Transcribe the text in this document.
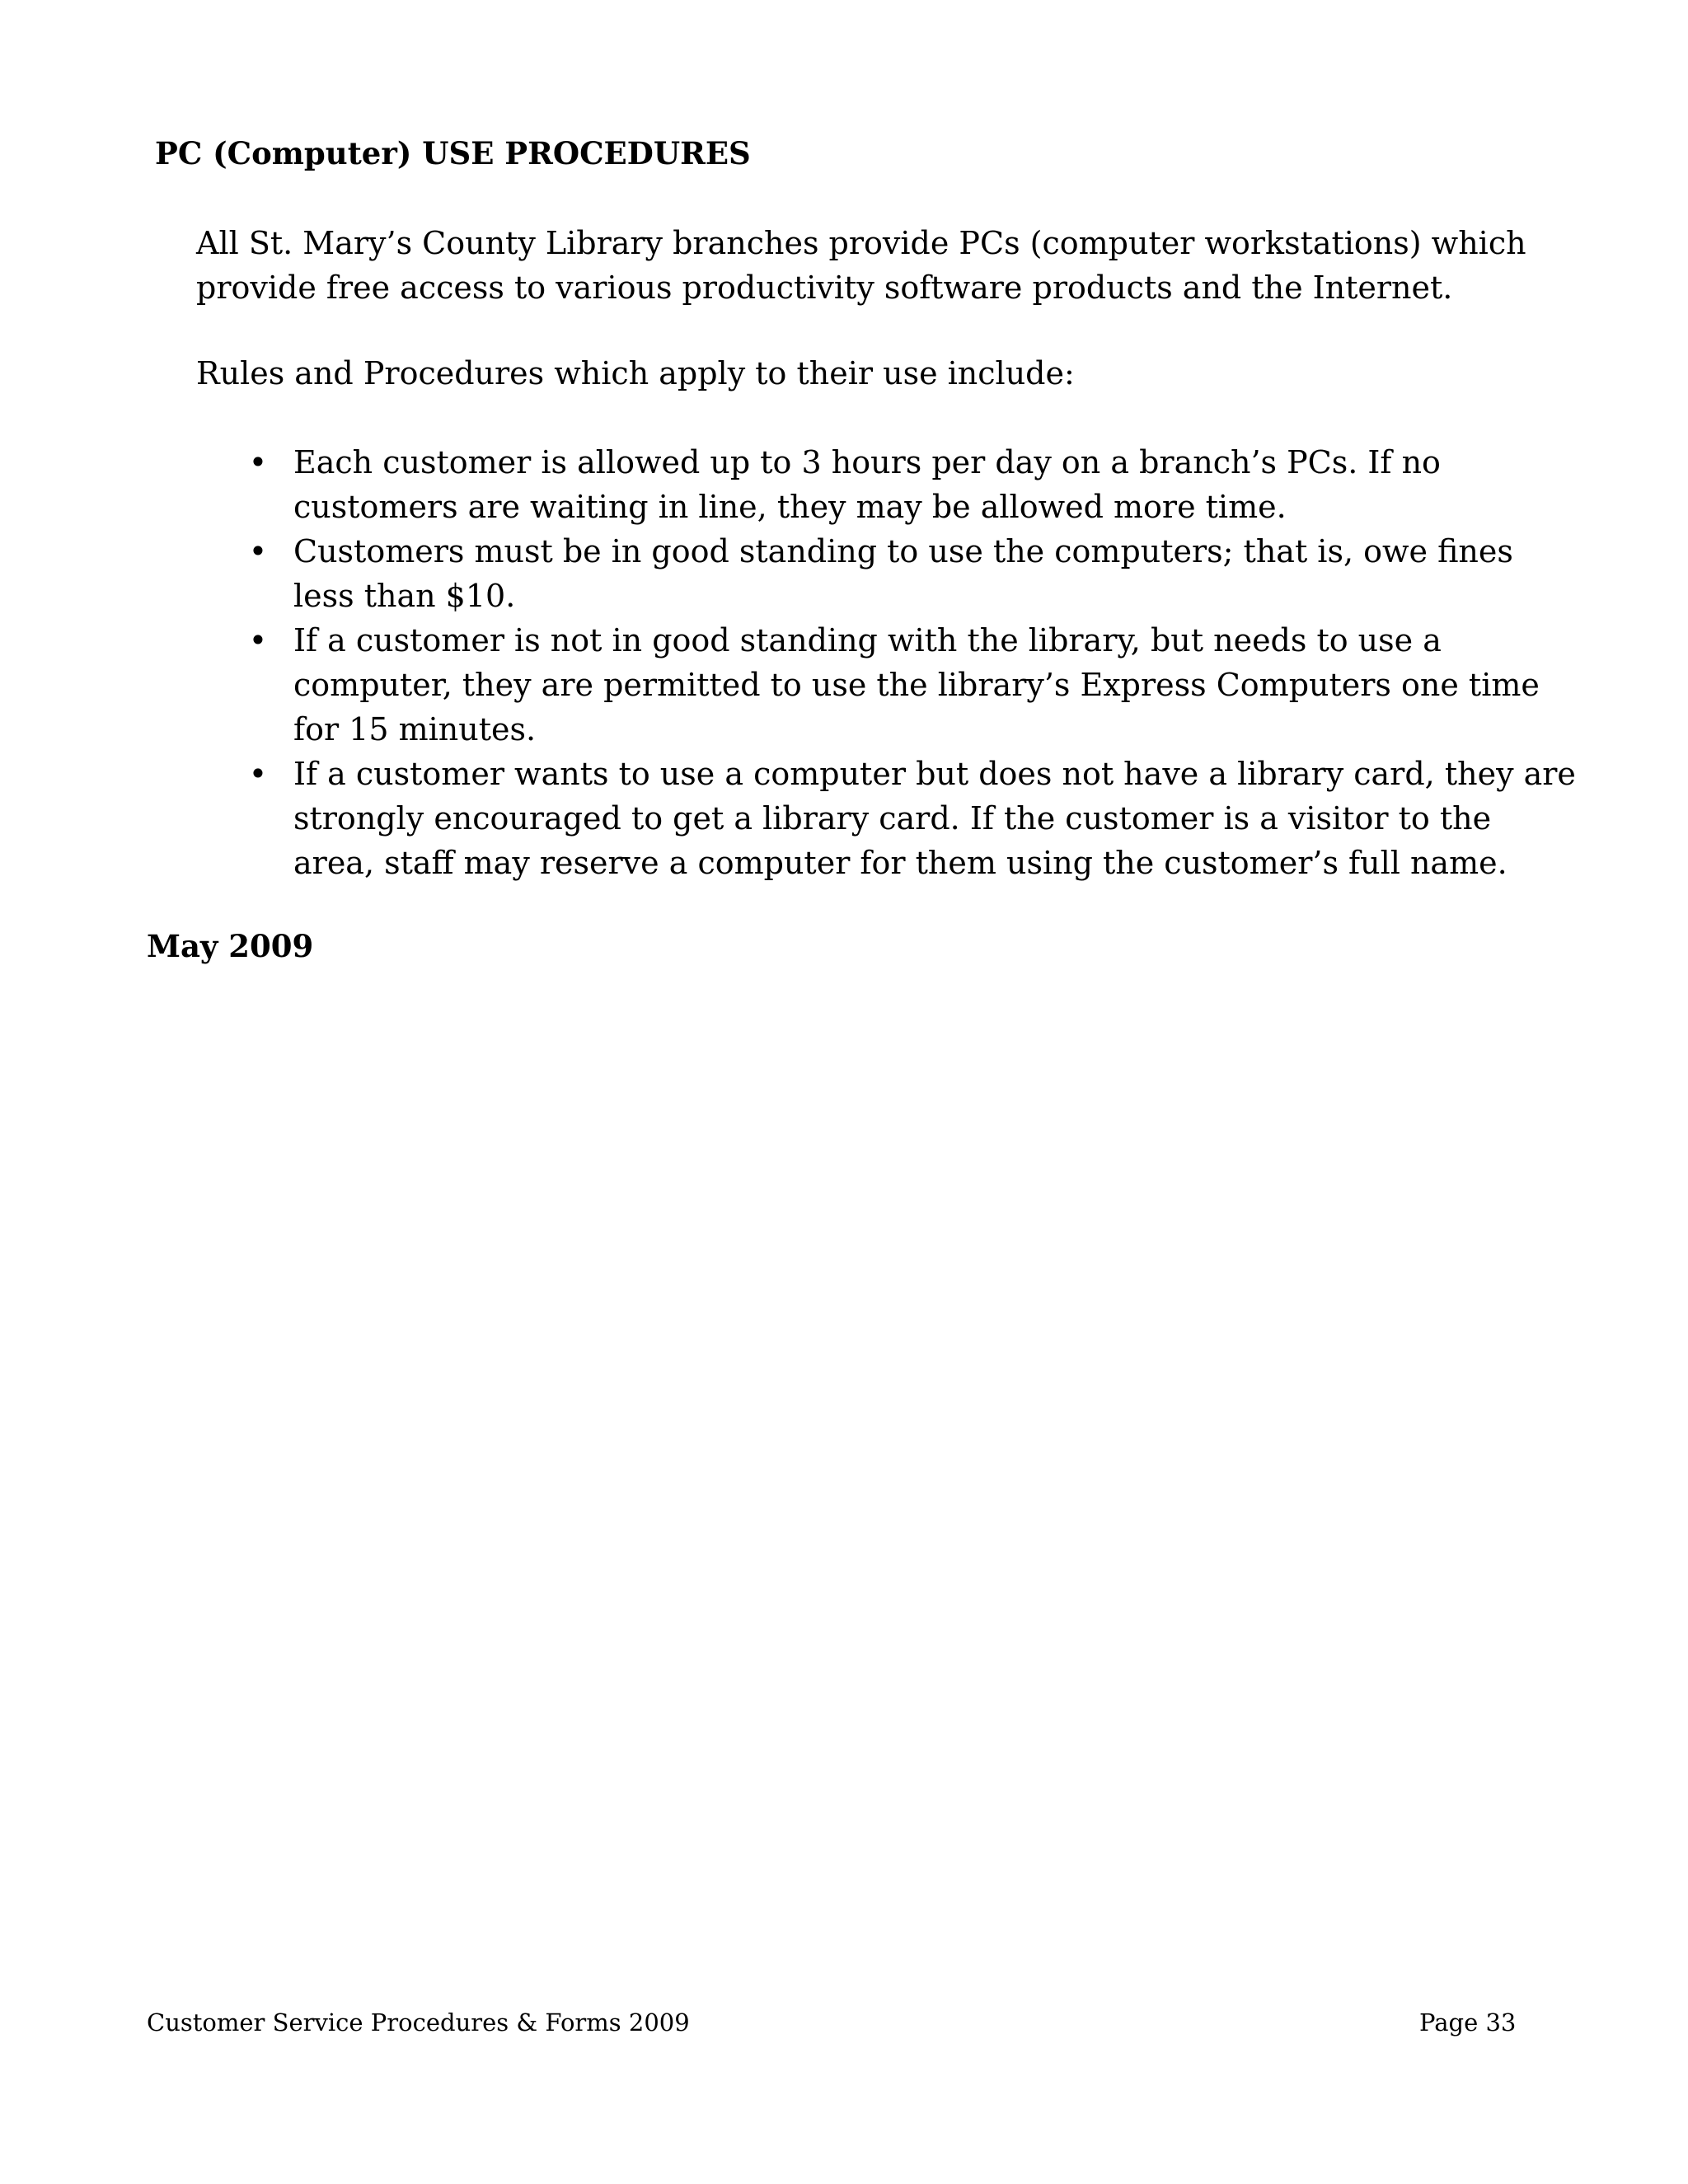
PC (Computer) USE PROCEDURES

All St. Mary’s County Library branches provide PCs (computer workstations) which provide free access to various productivity software products and the Internet.

Rules and Procedures which apply to their use include:

• Each customer is allowed up to 3 hours per day on a branch’s PCs. If no customers are waiting in line, they may be allowed more time.
• Customers must be in good standing to use the computers; that is, owe fines less than $10.
• If a customer is not in good standing with the library, but needs to use a computer, they are permitted to use the library’s Express Computers one time for 15 minutes.
• If a customer wants to use a computer but does not have a library card, they are strongly encouraged to get a library card. If the customer is a visitor to the area, staff may reserve a computer for them using the customer’s full name.

May 2009

Customer Service Procedures & Forms 2009	Page 33
